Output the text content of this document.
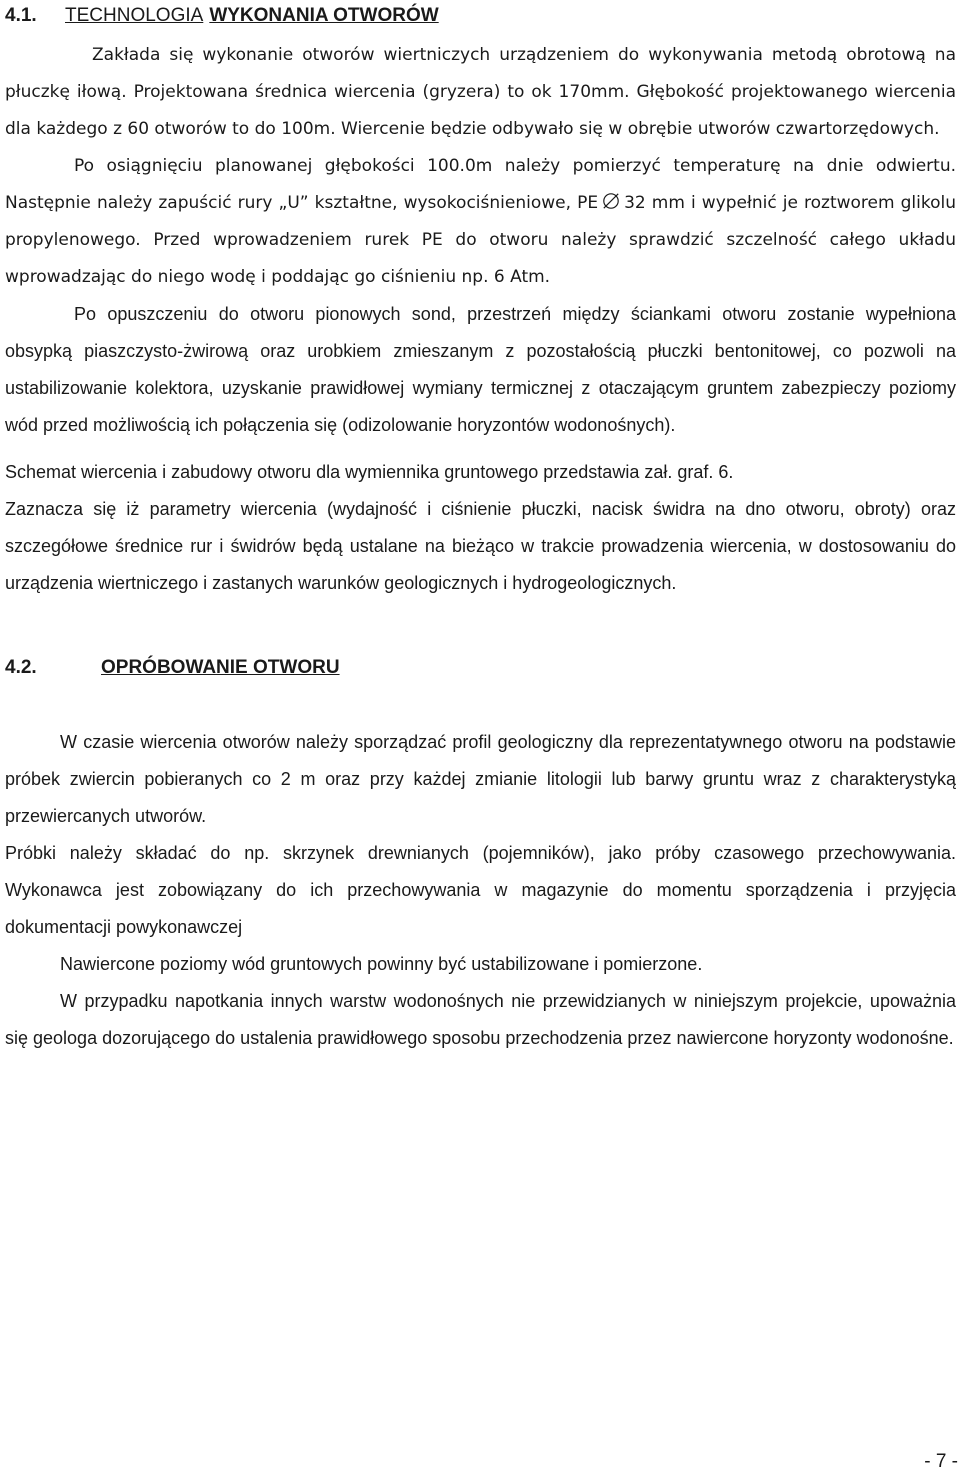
4.1.	TECHNOLOGIA WYKONANIA OTWORÓW

Zakłada się wykonanie otworów wiertniczych urządzeniem do wykonywania metodą obrotową na płuczkę iłową. Projektowana średnica wiercenia (gryzera) to ok 170mm. Głębokość projektowanego wiercenia dla każdego z 60 otworów to do 100m. Wiercenie będzie odbywało się w obrębie utworów czwartorzędowych.

Po osiągnięciu planowanej głębokości 100.0m należy pomierzyć temperaturę na dnie odwiertu. Następnie należy zapuścić rury „U” kształtne, wysokociśnieniowe, PE 32 mm i wypełnić je roztworem glikolu propylenowego. Przed wprowadzeniem rurek PE do otworu należy sprawdzić szczelność całego układu wprowadzając do niego wodę i poddając go ciśnieniu np. 6 Atm.

Po opuszczeniu do otworu pionowych sond, przestrzeń między ściankami otworu zostanie wypełniona obsypką piaszczysto-żwirową oraz urobkiem zmieszanym z pozostałością płuczki bentonitowej, co pozwoli na ustabilizowanie kolektora, uzyskanie prawidłowej wymiany termicznej z otaczającym gruntem zabezpieczy poziomy wód przed możliwością ich połączenia się (odizolowanie horyzontów wodonośnych).

Schemat wiercenia i zabudowy otworu dla wymiennika gruntowego przedstawia zał. graf. 6.

Zaznacza się iż parametry wiercenia (wydajność i ciśnienie płuczki, nacisk świdra na dno otworu, obroty) oraz szczegółowe średnice rur i świdrów będą ustalane na bieżąco w trakcie prowadzenia wiercenia, w dostosowaniu do urządzenia wiertniczego i zastanych warunków geologicznych i hydrogeologicznych.

4.2.	OPRÓBOWANIE OTWORU

W czasie wiercenia otworów należy sporządzać profil geologiczny dla reprezentatywnego otworu na podstawie próbek zwiercin pobieranych co 2 m oraz przy każdej zmianie litologii lub barwy gruntu wraz z charakterystyką przewiercanych utworów.

Próbki należy składać do np. skrzynek drewnianych (pojemników), jako próby czasowego przechowywania. Wykonawca jest zobowiązany do ich przechowywania w magazynie do momentu sporządzenia i przyjęcia dokumentacji powykonawczej

Nawiercone poziomy wód gruntowych powinny być ustabilizowane i pomierzone.

W przypadku napotkania innych warstw wodonośnych nie przewidzianych w niniejszym projekcie, upoważnia się geologa dozorującego do ustalenia prawidłowego sposobu przechodzenia przez nawiercone horyzonty wodonośne.

- 7 -
